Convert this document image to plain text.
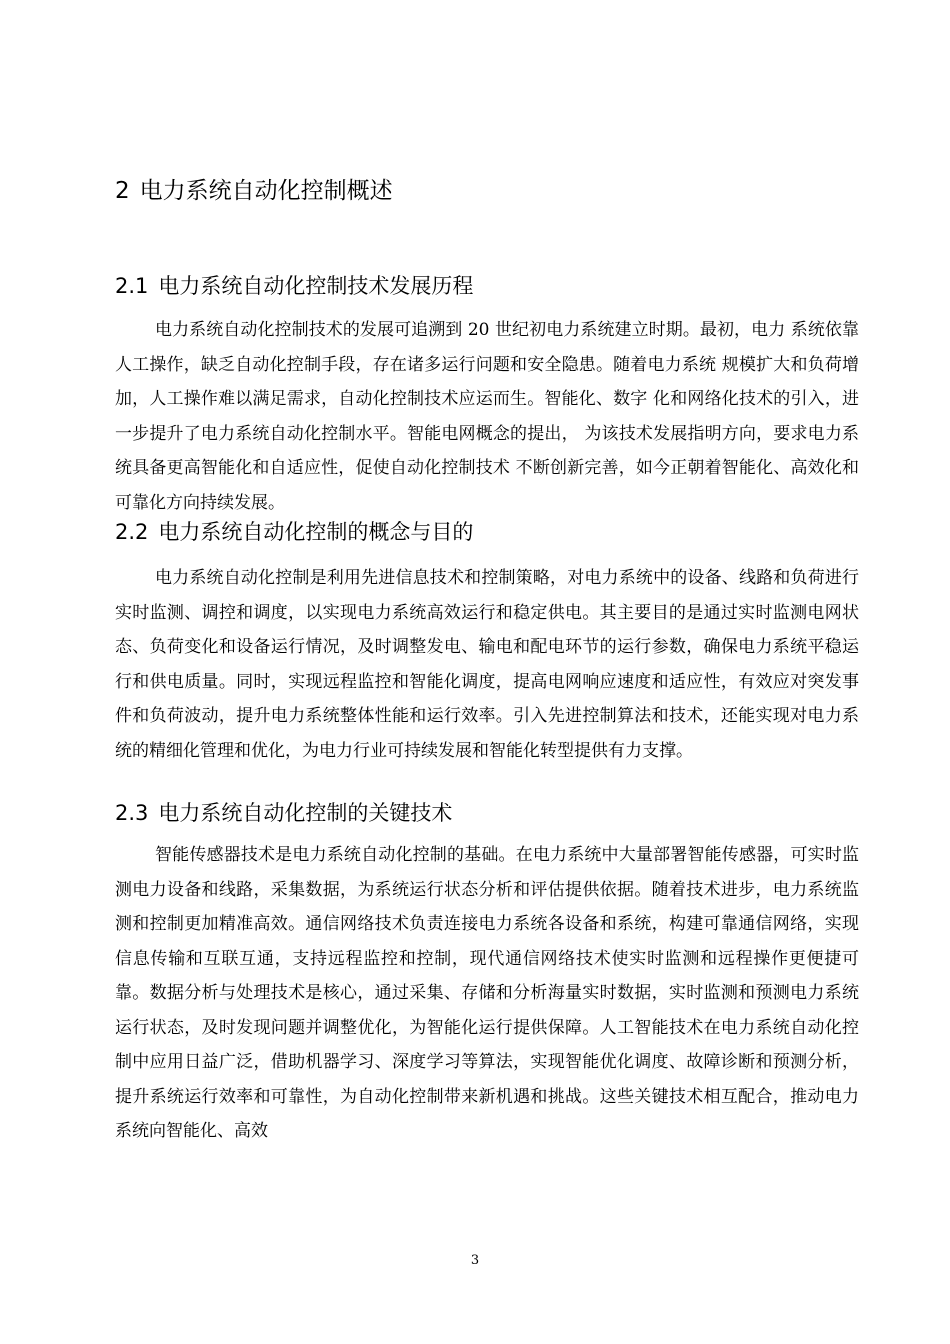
2 电力系统自动化控制概述
2.1 电力系统自动化控制技术发展历程

电力系统自动化控制技术的发展可追溯到 20 世纪初电力系统建立时期。最初，电力 系统依靠人工操作，缺乏自动化控制手段，存在诸多运行问题和安全隐患。随着电力系统 规模扩大和负荷增加，人工操作难以满足需求，自动化控制技术应运而生。智能化、数字 化和网络化技术的引入，进一步提升了电力系统自动化控制水平。智能电网概念的提出， 为该技术发展指明方向，要求电力系统具备更高智能化和自适应性，促使自动化控制技术 不断创新完善，如今正朝着智能化、高效化和可靠化方向持续发展。

2.2 电力系统自动化控制的概念与目的

电力系统自动化控制是利用先进信息技术和控制策略，对电力系统中的设备、线路和负荷进行实时监测、调控和调度，以实现电力系统高效运行和稳定供电。其主要目的是通过实时监测电网状态、负荷变化和设备运行情况，及时调整发电、输电和配电环节的运行参数，确保电力系统平稳运行和供电质量。同时，实现远程监控和智能化调度，提高电网响应速度和适应性，有效应对突发事件和负荷波动，提升电力系统整体性能和运行效率。引入先进控制算法和技术，还能实现对电力系统的精细化管理和优化，为电力行业可持续发展和智能化转型提供有力支撑。

2.3 电力系统自动化控制的关键技术

智能传感器技术是电力系统自动化控制的基础。在电力系统中大量部署智能传感器，可实时监测电力设备和线路，采集数据，为系统运行状态分析和评估提供依据。随着技术进步，电力系统监测和控制更加精准高效。通信网络技术负责连接电力系统各设备和系统，构建可靠通信网络，实现信息传输和互联互通，支持远程监控和控制，现代通信网络技术使实时监测和远程操作更便捷可靠。数据分析与处理技术是核心，通过采集、存储和分析海量实时数据，实时监测和预测电力系统运行状态，及时发现问题并调整优化，为智能化运行提供保障。人工智能技术在电力系统自动化控制中应用日益广泛，借助机器学习、深度学习等算法，实现智能优化调度、故障诊断和预测分析，提升系统运行效率和可靠性，为自动化控制带来新机遇和挑战。这些关键技术相互配合，推动电力系统向智能化、高效

3
